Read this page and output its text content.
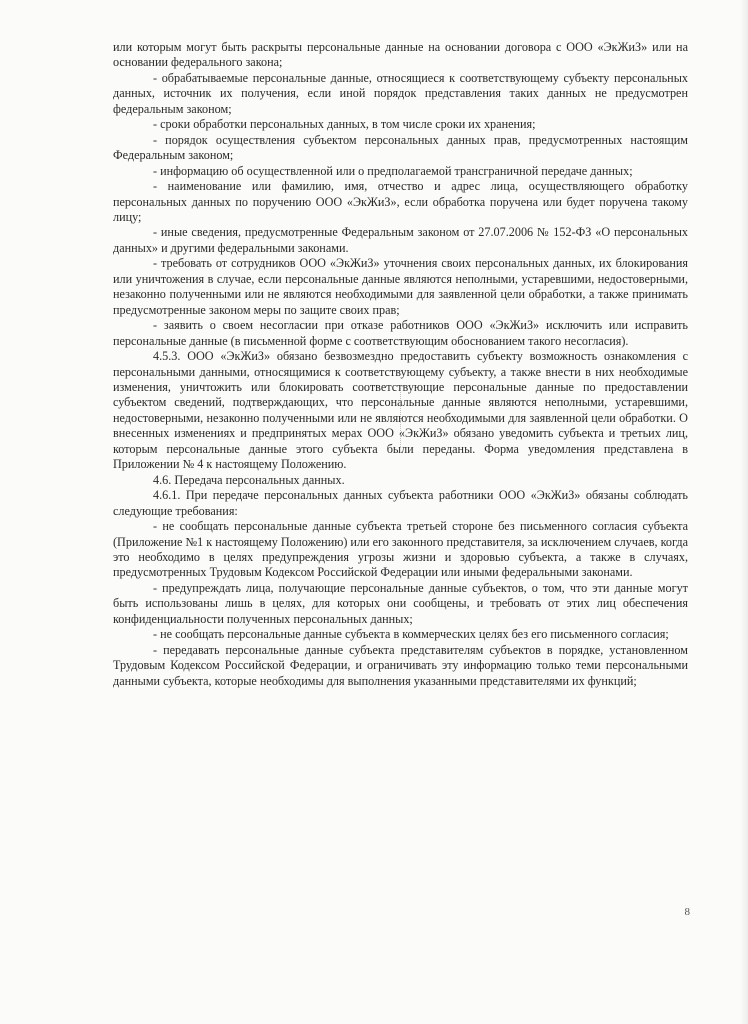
или которым могут быть раскрыты персональные данные на основании договора с ООО «ЭкЖиЗ» или на основании федерального закона;

- обрабатываемые персональные данные, относящиеся к соответствующему субъекту персональных данных, источник их получения, если иной порядок представления таких данных не предусмотрен федеральным законом;

- сроки обработки персональных данных, в том числе сроки их хранения;

- порядок осуществления субъектом персональных данных прав, предусмотренных настоящим Федеральным законом;

- информацию об осуществленной или о предполагаемой трансграничной передаче данных;

- наименование или фамилию, имя, отчество и адрес лица, осуществляющего обработку персональных данных по поручению ООО «ЭкЖиЗ», если обработка поручена или будет поручена такому лицу;

- иные сведения, предусмотренные Федеральным законом от 27.07.2006 № 152-ФЗ «О персональных данных» и другими федеральными законами.

- требовать от сотрудников ООО «ЭкЖиЗ» уточнения своих персональных данных, их блокирования или уничтожения в случае, если персональные данные являются неполными, устаревшими, недостоверными, незаконно полученными или не являются необходимыми для заявленной цели обработки, а также принимать предусмотренные законом меры по защите своих прав;

- заявить о своем несогласии при отказе работников ООО «ЭкЖиЗ» исключить или исправить персональные данные (в письменной форме с соответствующим обоснованием такого несогласия).

4.5.3. ООО «ЭкЖиЗ» обязано безвозмездно предоставить субъекту возможность ознакомления с персональными данными, относящимися к соответствующему субъекту, а также внести в них необходимые изменения, уничтожить или блокировать соответствующие персональные данные по предоставлении субъектом сведений, подтверждающих, что персональные данные являются неполными, устаревшими, недостоверными, незаконно полученными или не являются необходимыми для заявленной цели обработки. О внесенных изменениях и предпринятых мерах ООО «ЭкЖиЗ» обязано уведомить субъекта и третьих лиц, которым персональные данные этого субъекта были переданы. Форма уведомления представлена в Приложении № 4 к настоящему Положению.

4.6. Передача персональных данных.

4.6.1. При передаче персональных данных субъекта работники ООО «ЭкЖиЗ» обязаны соблюдать следующие требования:

- не сообщать персональные данные субъекта третьей стороне без письменного согласия субъекта (Приложение №1 к настоящему Положению) или его законного представителя, за исключением случаев, когда это необходимо в целях предупреждения угрозы жизни и здоровью субъекта, а также в случаях, предусмотренных Трудовым Кодексом Российской Федерации или иными федеральными законами.

- предупреждать лица, получающие персональные данные субъектов, о том, что эти данные могут быть использованы лишь в целях, для которых они сообщены, и требовать от этих лиц обеспечения конфиденциальности полученных персональных данных;

- не сообщать персональные данные субъекта в коммерческих целях без его письменного согласия;

- передавать персональные данные субъекта представителям субъектов в порядке, установленном Трудовым Кодексом Российской Федерации, и ограничивать эту информацию только теми персональными данными субъекта, которые необходимы для выполнения указанными представителями их функций;

8
